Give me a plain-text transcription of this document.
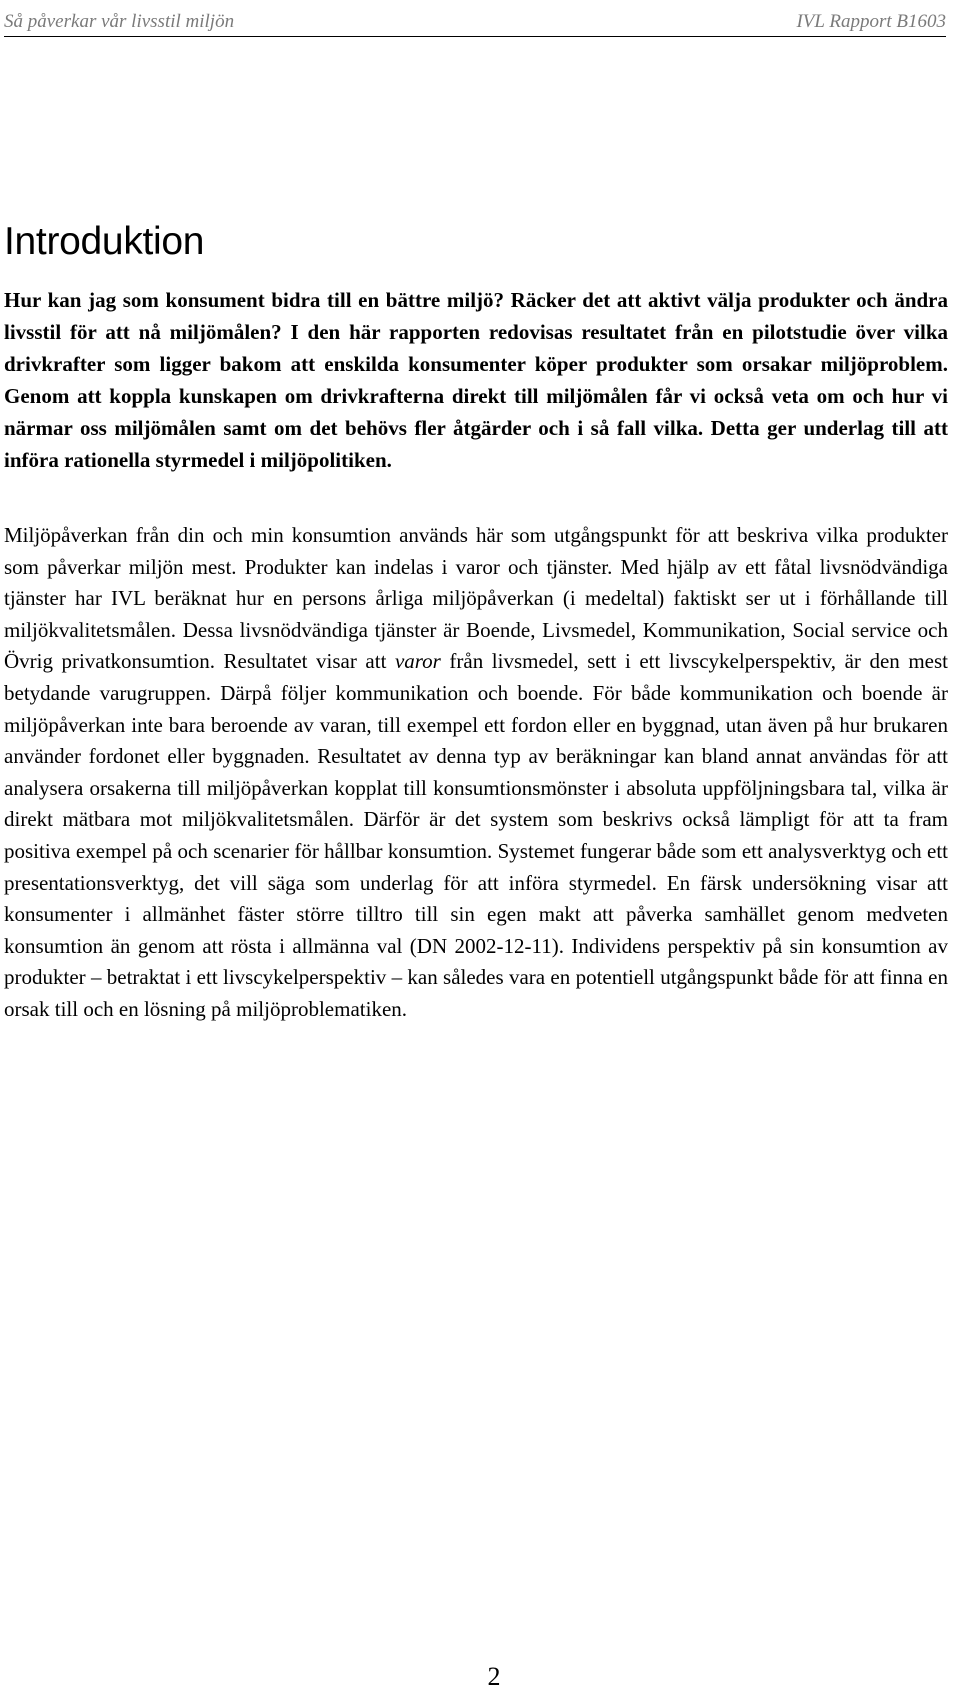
Så påverkar vår livsstil miljön	IVL Rapport B1603
Introduktion

Hur kan jag som konsument bidra till en bättre miljö? Räcker det att aktivt välja produkter och ändra livsstil för att nå miljömålen? I den här rapporten redovisas resultatet från en pilotstudie över vilka drivkrafter som ligger bakom att enskilda konsumenter köper produkter som orsakar miljöproblem. Genom att koppla kunskapen om drivkrafterna direkt till miljömålen får vi också veta om och hur vi närmar oss miljömålen samt om det behövs fler åtgärder och i så fall vilka. Detta ger underlag till att införa rationella styrmedel i miljöpolitiken.

Miljöpåverkan från din och min konsumtion används här som utgångspunkt för att beskriva vilka produkter som påverkar miljön mest. Produkter kan indelas i varor och tjänster. Med hjälp av ett fåtal livsnödvändiga tjänster har IVL beräknat hur en persons årliga miljöpåverkan (i medeltal) faktiskt ser ut i förhållande till miljökvalitetsmålen. Dessa livsnödvändiga tjänster är Boende, Livsmedel, Kommunikation, Social service och Övrig privatkonsumtion. Resultatet visar att varor från livsmedel, sett i ett livscykelperspektiv, är den mest betydande varugruppen. Därpå följer kommunikation och boende. För både kommunikation och boende är miljöpåverkan inte bara beroende av varan, till exempel ett fordon eller en byggnad, utan även på hur brukaren använder fordonet eller byggnaden. Resultatet av denna typ av beräkningar kan bland annat användas för att analysera orsakerna till miljöpåverkan kopplat till konsumtionsmönster i absoluta uppföljningsbara tal, vilka är direkt mätbara mot miljökvalitetsmålen. Därför är det system som beskrivs också lämpligt för att ta fram positiva exempel på och scenarier för hållbar konsumtion. Systemet fungerar både som ett analysverktyg och ett presentationsverktyg, det vill säga som underlag för att införa styrmedel. En färsk undersökning visar att konsumenter i allmänhet fäster större tilltro till sin egen makt att påverka samhället genom medveten konsumtion än genom att rösta i allmänna val (DN 2002-12-11). Individens perspektiv på sin konsumtion av produkter – betraktat i ett livscykelperspektiv – kan således vara en potentiell utgångspunkt både för att finna en orsak till och en lösning på miljöproblematiken.

2
